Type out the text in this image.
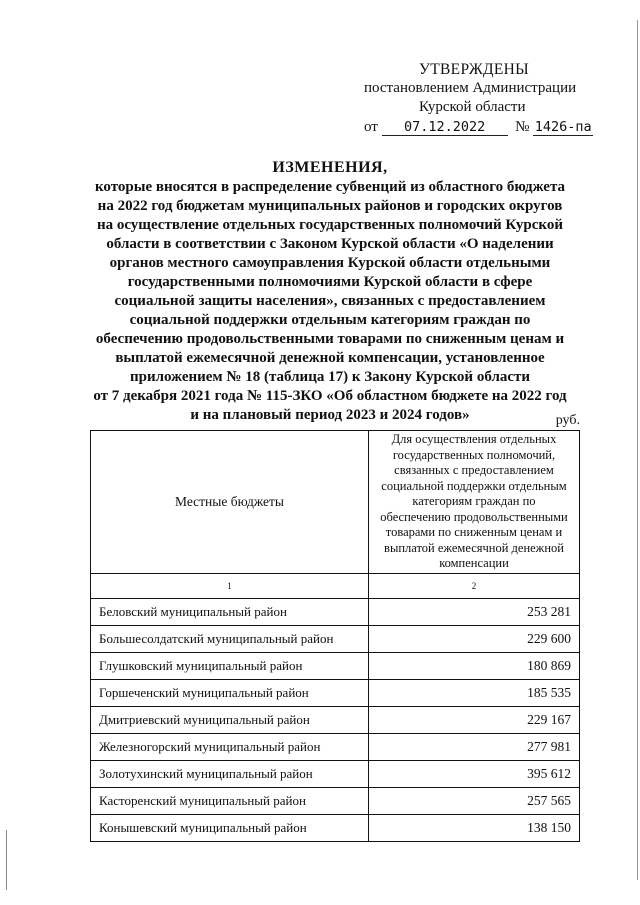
УТВЕРЖДЕНЫ
постановлением Администрации
Курской области
от 07.12.2022 № 1426-па
ИЗМЕНЕНИЯ,
которые вносятся в распределение субвенций из областного бюджета
на 2022 год бюджетам муниципальных районов и городских округов
на осуществление отдельных государственных полномочий Курской
области в соответствии с Законом Курской области «О наделении
органов местного самоуправления Курской области отдельными
государственными полномочиями Курской области в сфере
социальной защиты населения», связанных с предоставлением
социальной поддержки отдельным категориям граждан по
обеспечению продовольственными товарами по сниженным ценам и
выплатой ежемесячной денежной компенсации, установленное
приложением № 18 (таблица 17) к Закону Курской области
от 7 декабря 2021 года № 115-ЗКО «Об областном бюджете на 2022 год
и на плановый период 2023 и 2024 годов»	руб.
Местные бюджеты	Для осуществления отдельных государственных полномочий, связанных с предоставлением социальной поддержки отдельным категориям граждан по обеспечению продовольственными товарами по сниженным ценам и выплатой ежемесячной денежной компенсации
1	2
Беловский муниципальный район	253 281
Большесолдатский муниципальный район	229 600
Глушковский муниципальный район	180 869
Горшеченский муниципальный район	185 535
Дмитриевский муниципальный район	229 167
Железногорский муниципальный район	277 981
Золотухинский муниципальный район	395 612
Касторенский муниципальный район	257 565
Конышевский муниципальный район	138 150
